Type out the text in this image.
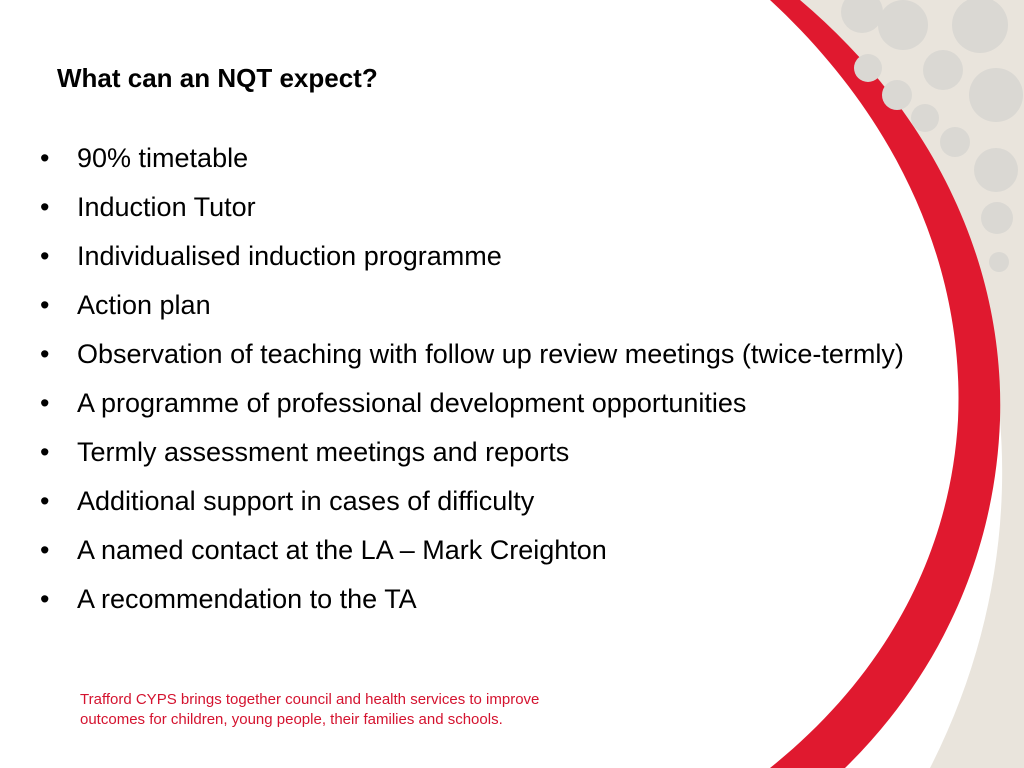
What can an NQT expect?
• 90% timetable
• Induction Tutor
• Individualised induction programme
• Action plan
• Observation of teaching with follow up review meetings (twice-termly)
• A programme of professional development opportunities
• Termly assessment meetings and reports
• Additional support in cases of difficulty
• A named contact at the LA – Mark Creighton
• A recommendation to the TA
Trafford CYPS brings together council and health services to improve
outcomes for children, young people, their families and schools.
